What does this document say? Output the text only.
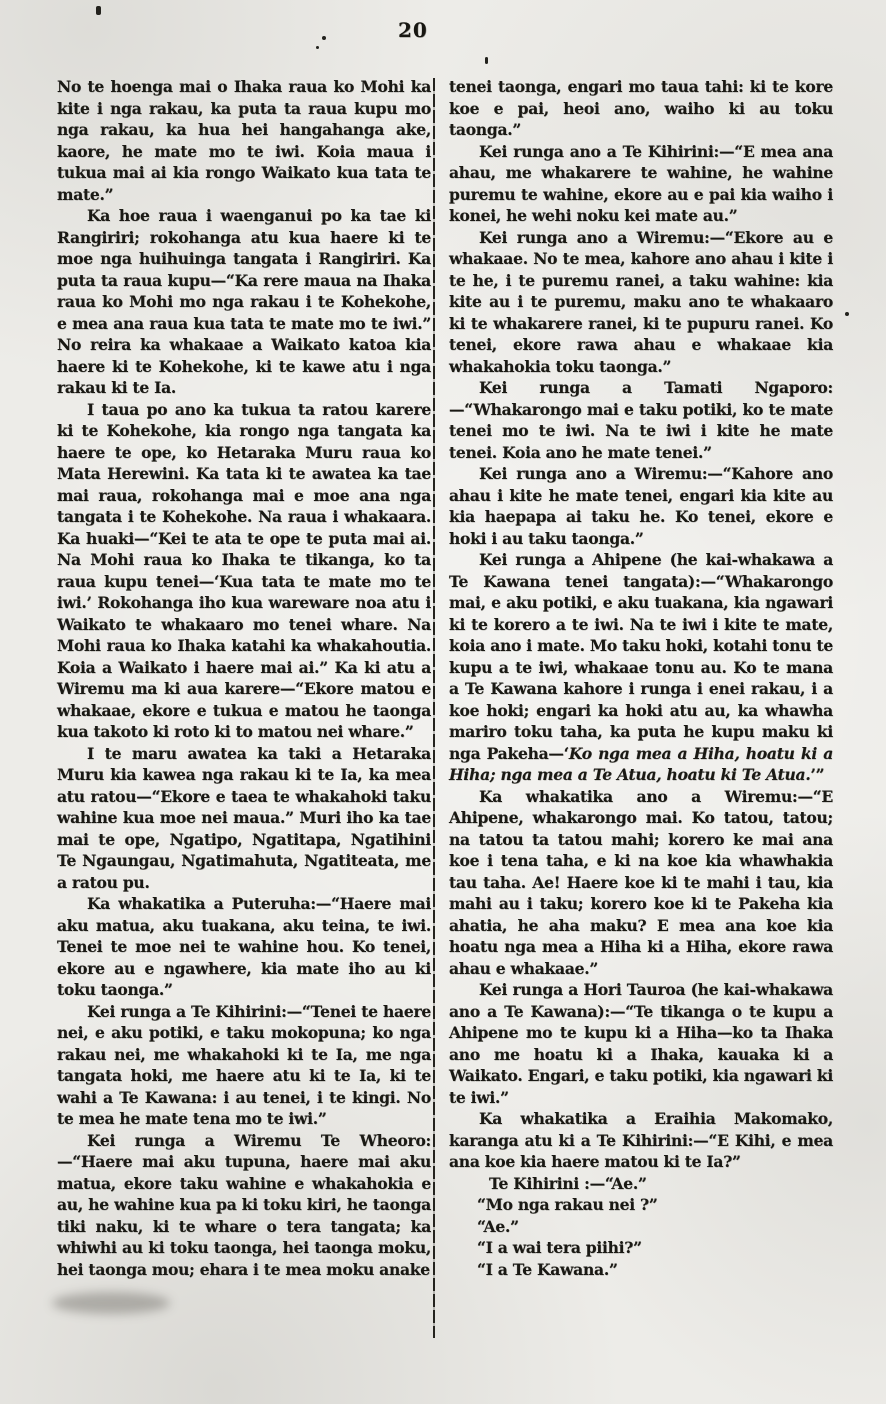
20

No te hoenga mai o Ihaka raua ko Mohi ka kite i nga rakau, ka puta ta raua kupu mo nga rakau, ka hua hei hangahanga ake, kaore, he mate mo te iwi. Koia maua i tukua mai ai kia rongo Waikato kua tata te mate.”

Ka hoe raua i waenganui po ka tae ki Rangiriri; rokohanga atu kua haere ki te moe nga huihuinga tangata i Rangiriri. Ka puta ta raua kupu—“Ka rere maua na Ihaka raua ko Mohi mo nga rakau i te Kohekohe, e mea ana raua kua tata te mate mo te iwi.” No reira ka whakaae a Waikato katoa kia haere ki te Kohekohe, ki te kawe atu i nga rakau ki te Ia.

I taua po ano ka tukua ta ratou karere ki te Kohekohe, kia rongo nga tangata ka haere te ope, ko Hetaraka Muru raua ko Mata Herewini. Ka tata ki te awatea ka tae mai raua, rokohanga mai e moe ana nga tangata i te Kohekohe. Na raua i whakaara. Ka huaki—“Kei te ata te ope te puta mai ai. Na Mohi raua ko Ihaka te tikanga, ko ta raua kupu tenei—‘Kua tata te mate mo te iwi.’ Rokohanga iho kua wareware noa atu i Waikato te whakaaro mo tenei whare. Na Mohi raua ko Ihaka katahi ka whakahoutia. Koia a Waikato i haere mai ai.” Ka ki atu a Wiremu ma ki aua karere—“Ekore matou e whakaae, ekore e tukua e matou he taonga kua takoto ki roto ki to matou nei whare.”

I te maru awatea ka taki a Hetaraka Muru kia kawea nga rakau ki te Ia, ka mea atu ratou—“Ekore e taea te whakahoki taku wahine kua moe nei maua.” Muri iho ka tae mai te ope, Ngatipo, Ngatitapa, Ngatihini Te Ngaungau, Ngatimahuta, Ngatiteata, me a ratou pu.

Ka whakatika a Puteruha:—“Haere mai aku matua, aku tuakana, aku teina, te iwi. Tenei te moe nei te wahine hou. Ko tenei, ekore au e ngawhere, kia mate iho au ki toku taonga.”

Kei runga a Te Kihirini:—“Tenei te haere nei, e aku potiki, e taku mokopuna; ko nga rakau nei, me whakahoki ki te Ia, me nga tangata hoki, me haere atu ki te Ia, ki te wahi a Te Kawana: i au tenei, i te kingi. No te mea he mate tena mo te iwi.”

Kei runga a Wiremu Te Wheoro:—“Haere mai aku tupuna, haere mai aku matua, ekore taku wahine e whakahokia e au, he wahine kua pa ki toku kiri, he taonga tiki naku, ki te whare o tera tangata; ka whiwhi au ki toku taonga, hei taonga moku, hei taonga mou; ehara i te mea moku anake

tenei taonga, engari mo taua tahi: ki te kore koe e pai, heoi ano, waiho ki au toku taonga.”

Kei runga ano a Te Kihirini:—“E mea ana ahau, me whakarere te wahine, he wahine puremu te wahine, ekore au e pai kia waiho i konei, he wehi noku kei mate au.”

Kei runga ano a Wiremu:—“Ekore au e whakaae. No te mea, kahore ano ahau i kite i te he, i te puremu ranei, a taku wahine: kia kite au i te puremu, maku ano te whakaaro ki te whakarere ranei, ki te pupuru ranei. Ko tenei, ekore rawa ahau e whakaae kia whakahokia toku taonga.”

Kei runga a Tamati Ngaporo:—“Whakarongo mai e taku potiki, ko te mate tenei mo te iwi. Na te iwi i kite he mate tenei. Koia ano he mate tenei.”

Kei runga ano a Wiremu:—“Kahore ano ahau i kite he mate tenei, engari kia kite au kia haepapa ai taku he. Ko tenei, ekore e hoki i au taku taonga.”

Kei runga a Ahipene (he kai-whakawa a Te Kawana tenei tangata):—“Whakarongo mai, e aku potiki, e aku tuakana, kia ngawari ki te korero a te iwi. Na te iwi i kite te mate, koia ano i mate. Mo taku hoki, kotahi tonu te kupu a te iwi, whakaae tonu au. Ko te mana a Te Kawana kahore i runga i enei rakau, i a koe hoki; engari ka hoki atu au, ka whawha mariro toku taha, ka puta he kupu maku ki nga Pakeha—‘Ko nga mea a Hiha, hoatu ki a Hiha; nga mea a Te Atua, hoatu ki Te Atua.’”

Ka whakatika ano a Wiremu:—“E Ahipene, whakarongo mai. Ko tatou, tatou; na tatou ta tatou mahi; korero ke mai ana koe i tena taha, e ki na koe kia whawhakia tau taha. Ae! Haere koe ki te mahi i tau, kia mahi au i taku; korero koe ki te Pakeha kia ahatia, he aha maku? E mea ana koe kia hoatu nga mea a Hiha ki a Hiha, ekore rawa ahau e whakaae.”

Kei runga a Hori Tauroa (he kai-whakawa ano a Te Kawana):—“Te tikanga o te kupu a Ahipene mo te kupu ki a Hiha—ko ta Ihaka ano me hoatu ki a Ihaka, kauaka ki a Waikato. Engari, e taku potiki, kia ngawari ki te iwi.”

Ka whakatika a Eraihia Makomako, karanga atu ki a Te Kihirini:—“E Kihi, e mea ana koe kia haere matou ki te Ia?”

Te Kihirini :—“Ae.”

“Mo nga rakau nei ?”

“Ae.”

“I a wai tera piihi?”

“I a Te Kawana.”
